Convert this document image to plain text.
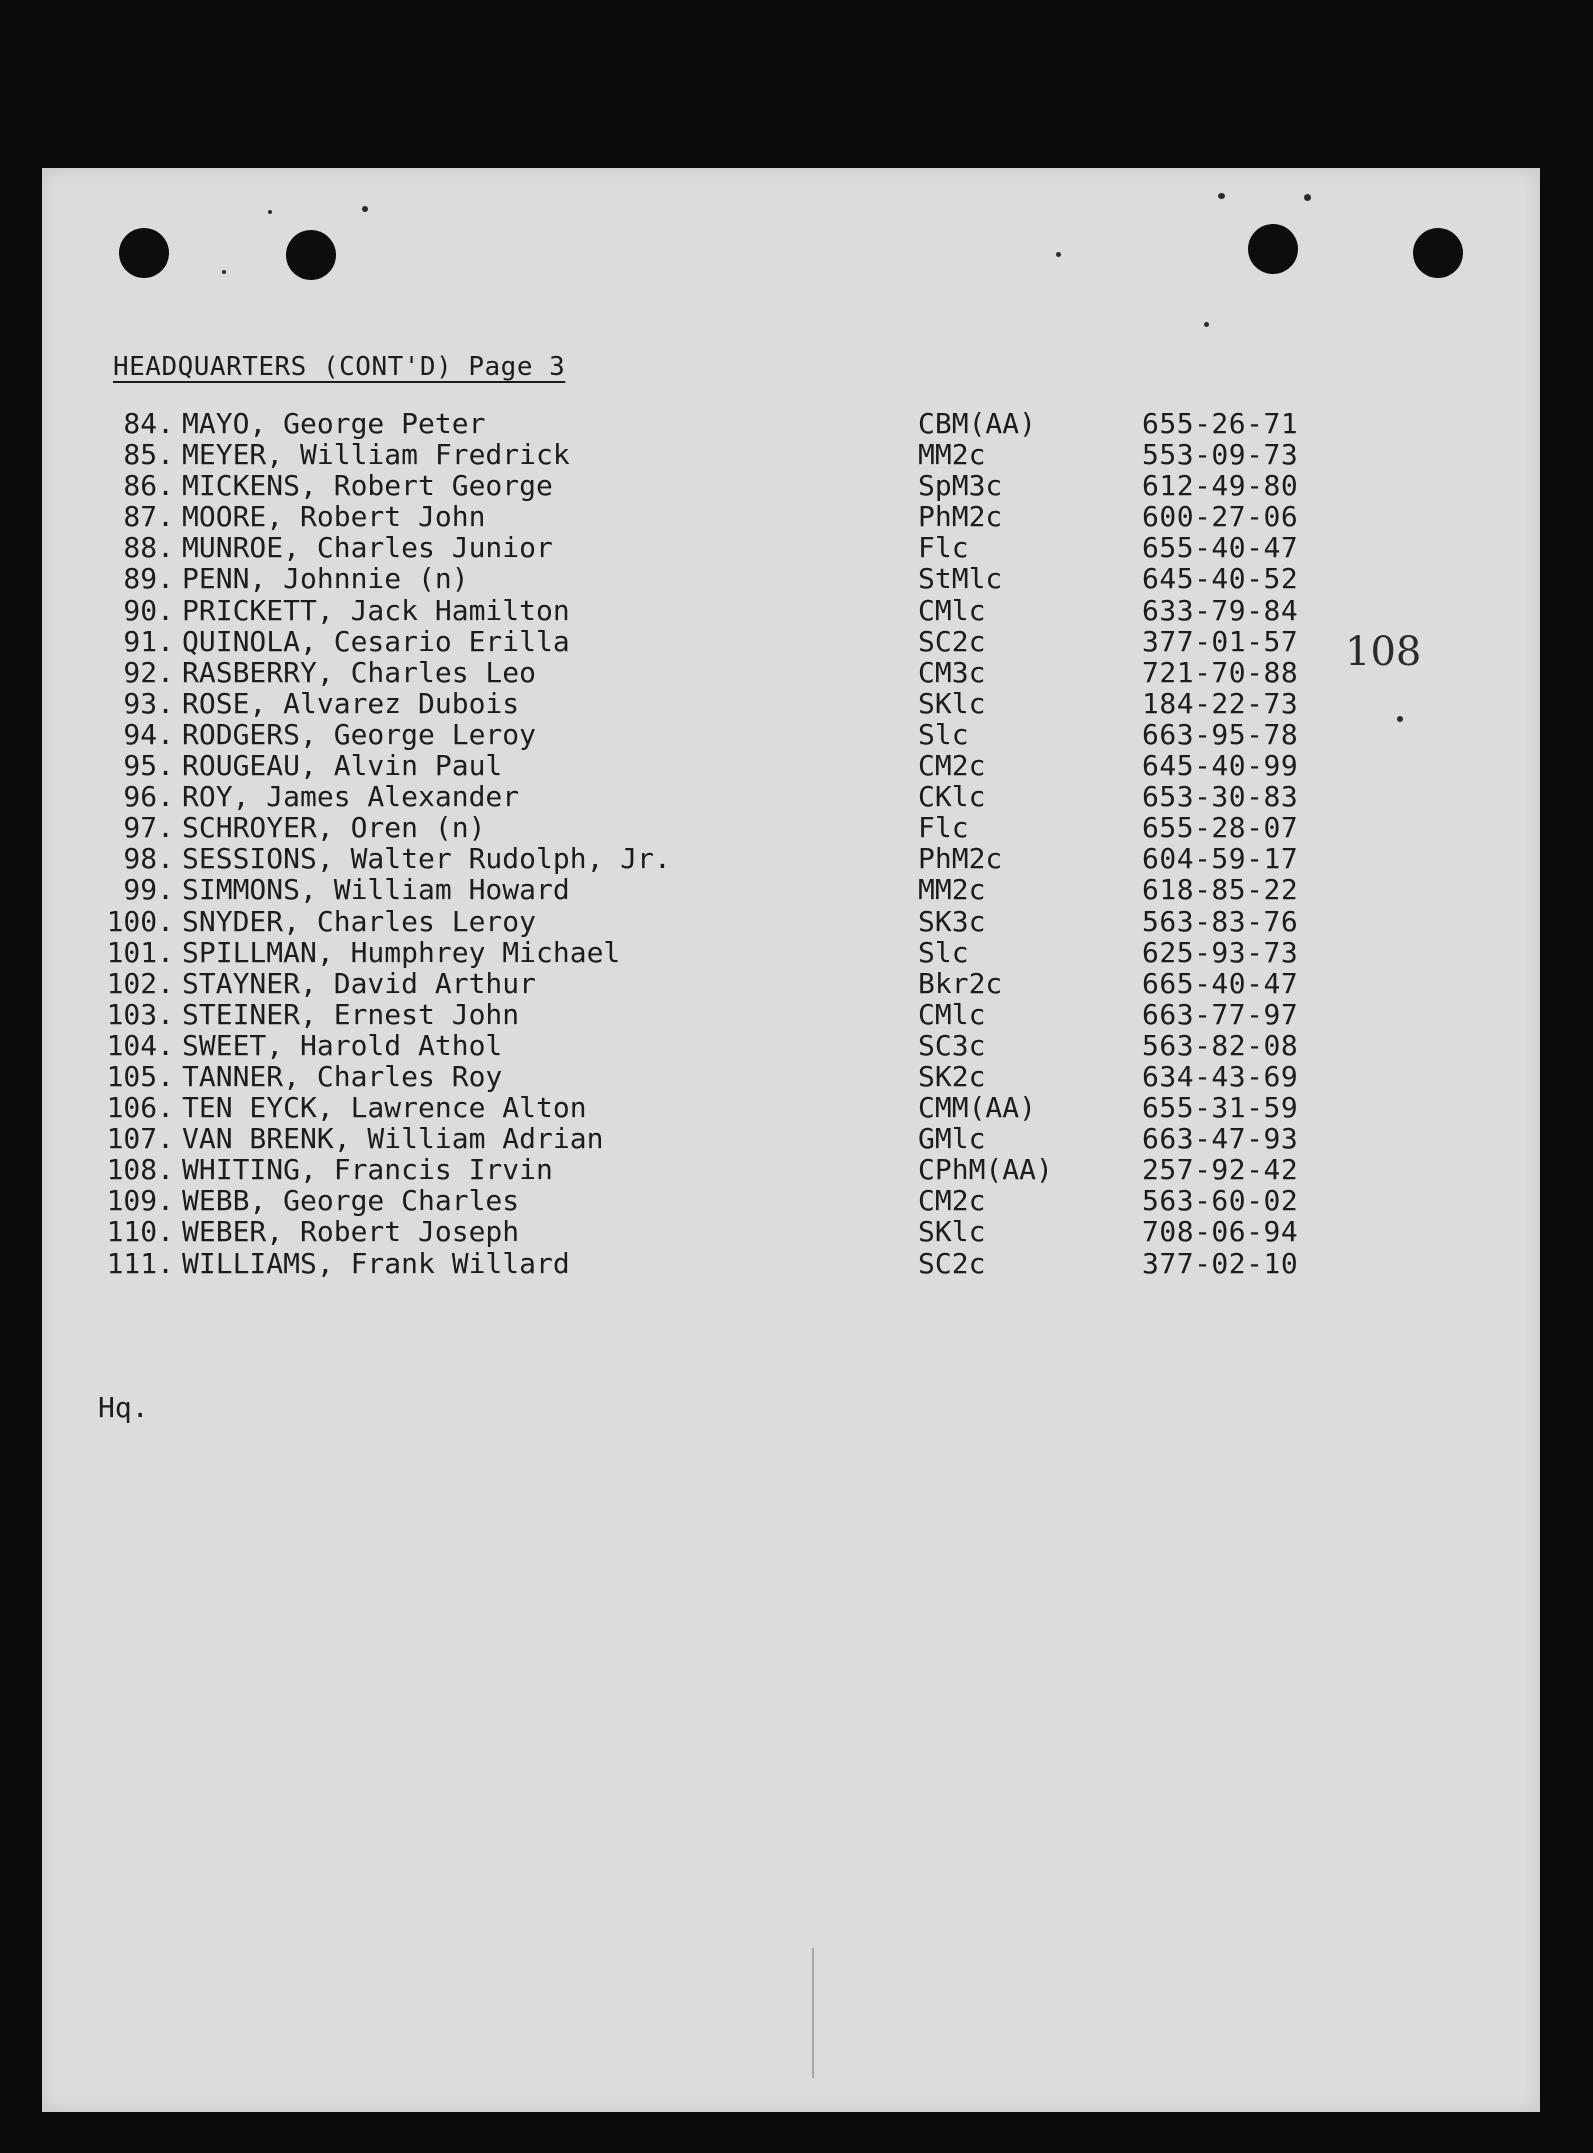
HEADQUARTERS (CONT'D) Page 3
84. MAYO, George Peter	CBM(AA)	655-26-71
85. MEYER, William Fredrick	MM2c	553-09-73
86. MICKENS, Robert George	SpM3c	612-49-80
87. MOORE, Robert John	PhM2c	600-27-06
88. MUNROE, Charles Junior	Flc	655-40-47
89. PENN, Johnnie (n)	StMlc	645-40-52
90. PRICKETT, Jack Hamilton	CMlc	633-79-84
91. QUINOLA, Cesario Erilla	SC2c	377-01-57
92. RASBERRY, Charles Leo	CM3c	721-70-88
93. ROSE, Alvarez Dubois	SKlc	184-22-73
94. RODGERS, George Leroy	Slc	663-95-78
95. ROUGEAU, Alvin Paul	CM2c	645-40-99
96. ROY, James Alexander	CKlc	653-30-83
97. SCHROYER, Oren (n)	Flc	655-28-07
98. SESSIONS, Walter Rudolph, Jr.	PhM2c	604-59-17
99. SIMMONS, William Howard	MM2c	618-85-22
100. SNYDER, Charles Leroy	SK3c	563-83-76
101. SPILLMAN, Humphrey Michael	Slc	625-93-73
102. STAYNER, David Arthur	Bkr2c	665-40-47
103. STEINER, Ernest John	CMlc	663-77-97
104. SWEET, Harold Athol	SC3c	563-82-08
105. TANNER, Charles Roy	SK2c	634-43-69
106. TEN EYCK, Lawrence Alton	CMM(AA)	655-31-59
107. VAN BRENK, William Adrian	GMlc	663-47-93
108. WHITING, Francis Irvin	CPhM(AA)	257-92-42
109. WEBB, George Charles	CM2c	563-60-02
110. WEBER, Robert Joseph	SKlc	708-06-94
111. WILLIAMS, Frank Willard	SC2c	377-02-10
108
Hq.
